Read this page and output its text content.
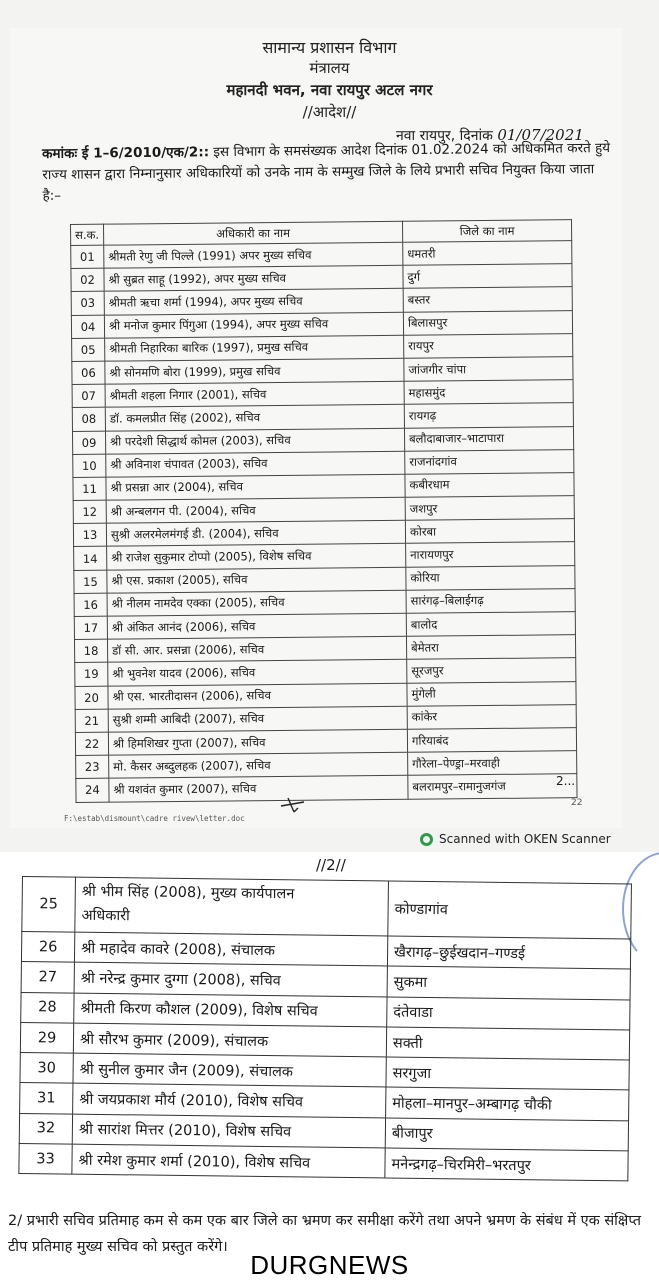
सामान्य प्रशासन विभाग
मंत्रालय
महानदी भवन, नवा रायपुर अटल नगर
//आदेश//
नवा रायपुर, दिनांक 01/07/2021
कमांकः ई 1–6/2010/एक/2:: इस विभाग के समसंख्यक आदेश दिनांक 01.02.2024 को अधिकमित करते हुये राज्य शासन द्वारा निम्नानुसार अधिकारियों को उनके नाम के सम्मुख जिले के लिये प्रभारी सचिव नियुक्त किया जाता है:–
स.क.	अधिकारी का नाम	जिले का नाम
01	श्रीमती रेणु जी पिल्ले (1991) अपर मुख्य सचिव	धमतरी
02	श्री सुब्रत साहू (1992), अपर मुख्य सचिव	दुर्ग
03	श्रीमती ऋचा शर्मा (1994), अपर मुख्य सचिव	बस्तर
04	श्री मनोज कुमार पिंगुआ (1994), अपर मुख्य सचिव	बिलासपुर
05	श्रीमती निहारिका बारिक (1997), प्रमुख सचिव	रायपुर
06	श्री सोनमणि बोरा (1999), प्रमुख सचिव	जांजगीर चांपा
07	श्रीमती शहला निगार (2001), सचिव	महासमुंद
08	डॉ. कमलप्रीत सिंह (2002), सचिव	रायगढ़
09	श्री परदेशी सिद्धार्थ कोमल (2003), सचिव	बलौदाबाजार–भाटापारा
10	श्री अविनाश चंपावत (2003), सचिव	राजनांदगांव
11	श्री प्रसन्ना आर (2004), सचिव	कबीरधाम
12	श्री अन्बलगन पी. (2004), सचिव	जशपुर
13	सुश्री अलरमेलमंगई डी. (2004), सचिव	कोरबा
14	श्री राजेश सुकुमार टोप्पो (2005), विशेष सचिव	नारायणपुर
15	श्री एस. प्रकाश (2005), सचिव	कोरिया
16	श्री नीलम नामदेव एक्का (2005), सचिव	सारंगढ़–बिलाईगढ़
17	श्री अंकित आनंद (2006), सचिव	बालोद
18	डॉ सी. आर. प्रसन्ना (2006), सचिव	बेमेतरा
19	श्री भुवनेश यादव (2006), सचिव	सूरजपुर
20	श्री एस. भारतीदासन (2006), सचिव	मुंगेली
21	सुश्री शम्मी आबिदी (2007), सचिव	कांकेर
22	श्री हिमशिखर गुप्ता (2007), सचिव	गरियाबंद
23	मो. कैसर अब्दुलहक (2007), सचिव	गौरेला–पेण्ड्रा–मरवाही
24	श्री यशवंत कुमार (2007), सचिव	बलरामपुर–रामानुजगंज	2...
22
F:\estab\dismount\cadre rivew\letter.doc
Scanned with OKEN Scanner
//2//
25	श्री भीम सिंह (2008), मुख्य कार्यपालन
अधिकारी	कोण्डागांव
26	श्री महादेव कावरे (2008), संचालक	खैरागढ़–छुईखदान–गण्डई
27	श्री नरेन्द्र कुमार दुग्गा (2008), सचिव	सुकमा
28	श्रीमती किरण कौशल (2009), विशेष सचिव	दंतेवाडा
29	श्री सौरभ कुमार (2009), संचालक	सक्ती
30	श्री सुनील कुमार जैन (2009), संचालक	सरगुजा
31	श्री जयप्रकाश मौर्य (2010), विशेष सचिव	मोहला–मानपुर–अम्बागढ़ चौकी
32	श्री सारांश मित्तर (2010), विशेष सचिव	बीजापुर
33	श्री रमेश कुमार शर्मा (2010), विशेष सचिव	मनेन्द्रगढ़–चिरमिरी–भरतपुर
2/ प्रभारी सचिव प्रतिमाह कम से कम एक बार जिले का भ्रमण कर समीक्षा करेंगे तथा अपने भ्रमण के संबंध में एक संक्षिप्त टीप प्रतिमाह मुख्य सचिव को प्रस्तुत करेंगे।
DURGNEWS
